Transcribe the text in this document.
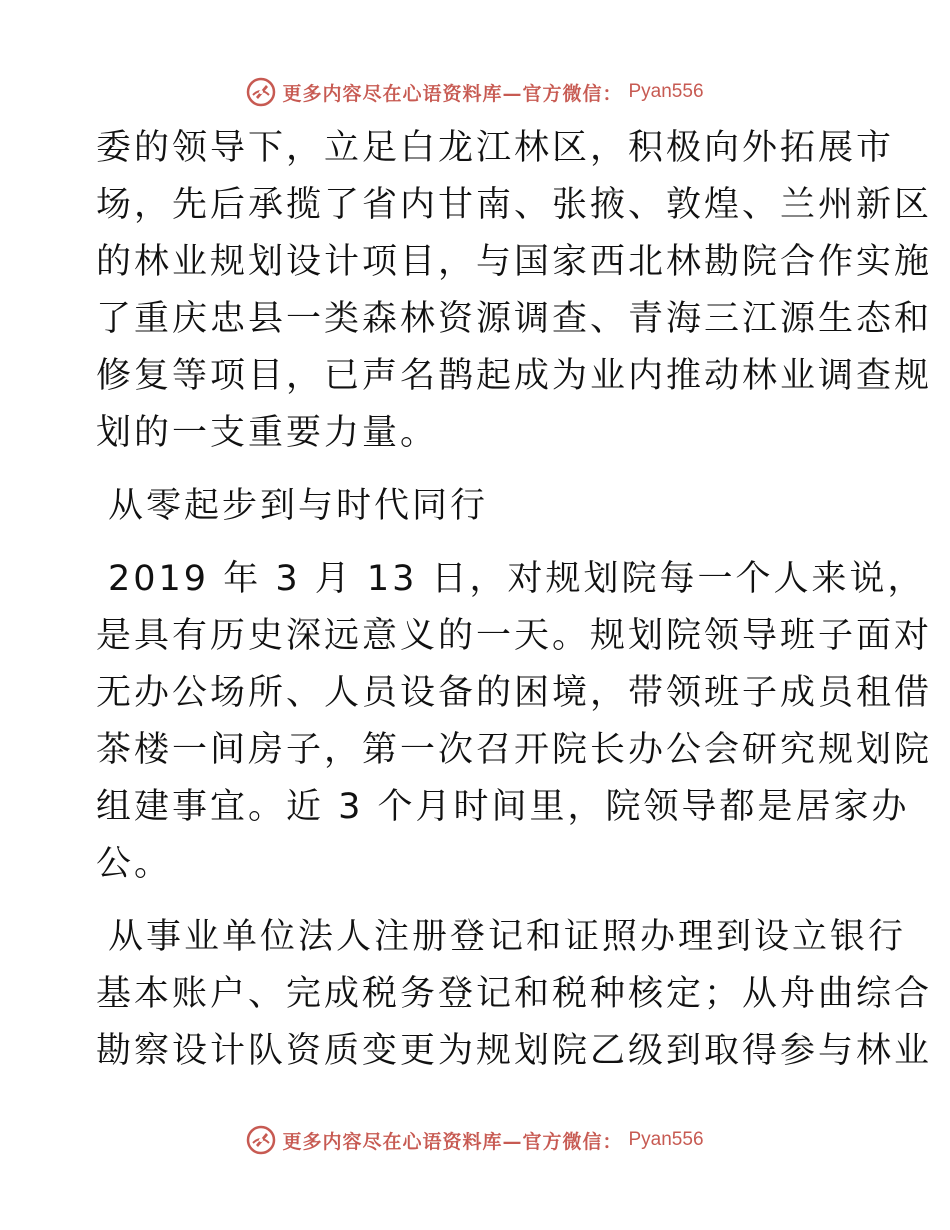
更多内容尽在心语资料库—官方微信： Pyan556

委的领导下，立足白龙江林区，积极向外拓展市

场，先后承揽了省内甘南、张掖、敦煌、兰州新区

的林业规划设计项目，与国家西北林勘院合作实施

了重庆忠县一类森林资源调查、青海三江源生态和

修复等项目，已声名鹊起成为业内推动林业调查规

划的一支重要力量。

从零起步到与时代同行

2019 年 3 月 13 日，对规划院每一个人来说，

是具有历史深远意义的一天。规划院领导班子面对

无办公场所、人员设备的困境，带领班子成员租借

茶楼一间房子，第一次召开院长办公会研究规划院

组建事宜。近 3 个月时间里，院领导都是居家办

公。

从事业单位法人注册登记和证照办理到设立银行

基本账户、完成税务登记和税种核定；从舟曲综合

勘察设计队资质变更为规划院乙级到取得参与林业

更多内容尽在心语资料库—官方微信： Pyan556
